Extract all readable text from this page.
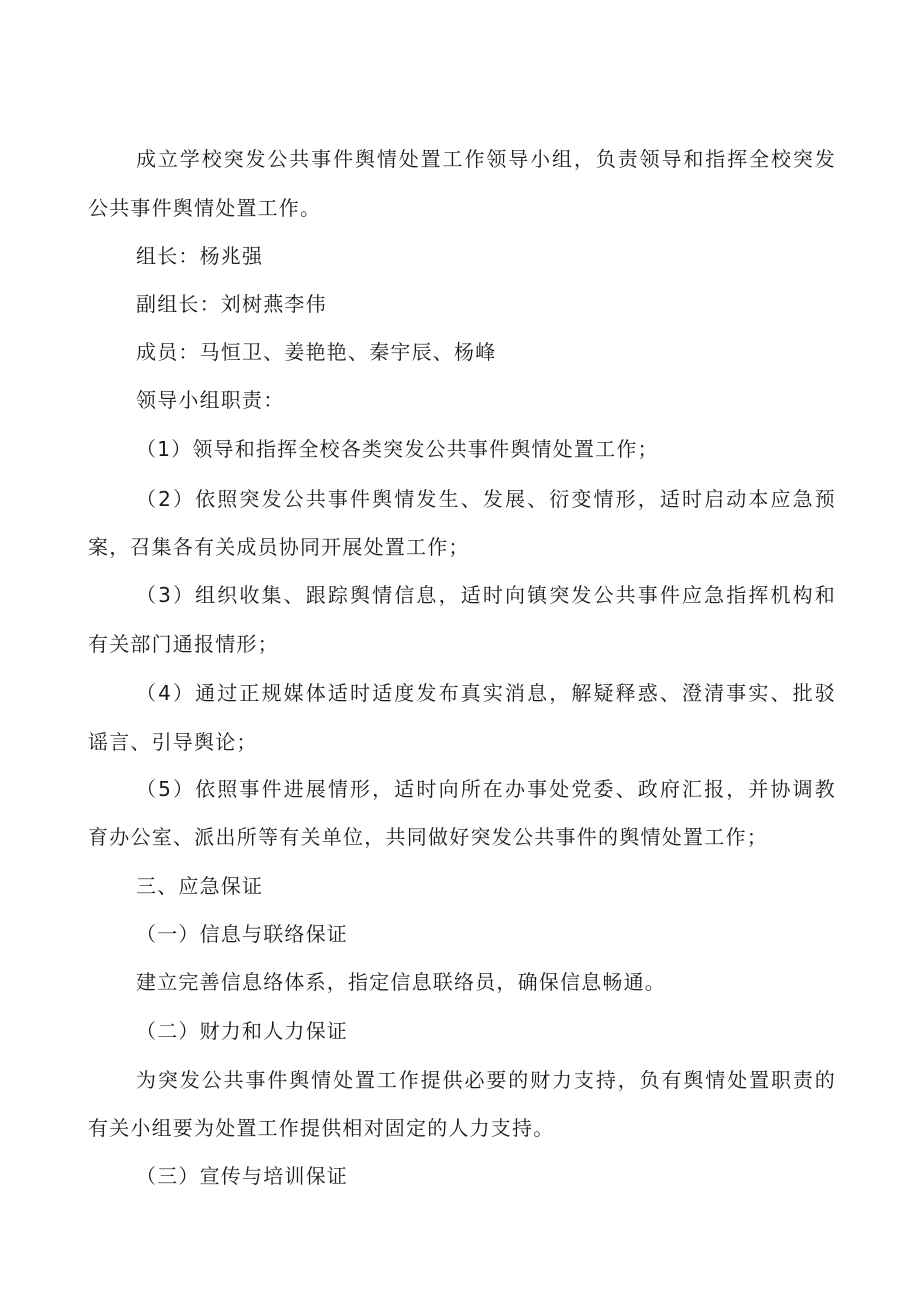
成立学校突发公共事件舆情处置工作领导小组，负责领导和指挥全校突发
公共事件舆情处置工作。
组长：杨兆强
副组长：刘树燕李伟
成员：马恒卫、姜艳艳、秦宇辰、杨峰
领导小组职责：
（1）领导和指挥全校各类突发公共事件舆情处置工作；
（2）依照突发公共事件舆情发生、发展、衍变情形，适时启动本应急预
案，召集各有关成员协同开展处置工作；
（3）组织收集、跟踪舆情信息，适时向镇突发公共事件应急指挥机构和
有关部门通报情形；
（4）通过正规媒体适时适度发布真实消息，解疑释惑、澄清事实、批驳
谣言、引导舆论；
（5）依照事件进展情形，适时向所在办事处党委、政府汇报，并协调教
育办公室、派出所等有关单位，共同做好突发公共事件的舆情处置工作；
三、应急保证
（一）信息与联络保证
建立完善信息络体系，指定信息联络员，确保信息畅通。
（二）财力和人力保证
为突发公共事件舆情处置工作提供必要的财力支持，负有舆情处置职责的
有关小组要为处置工作提供相对固定的人力支持。
（三）宣传与培训保证
